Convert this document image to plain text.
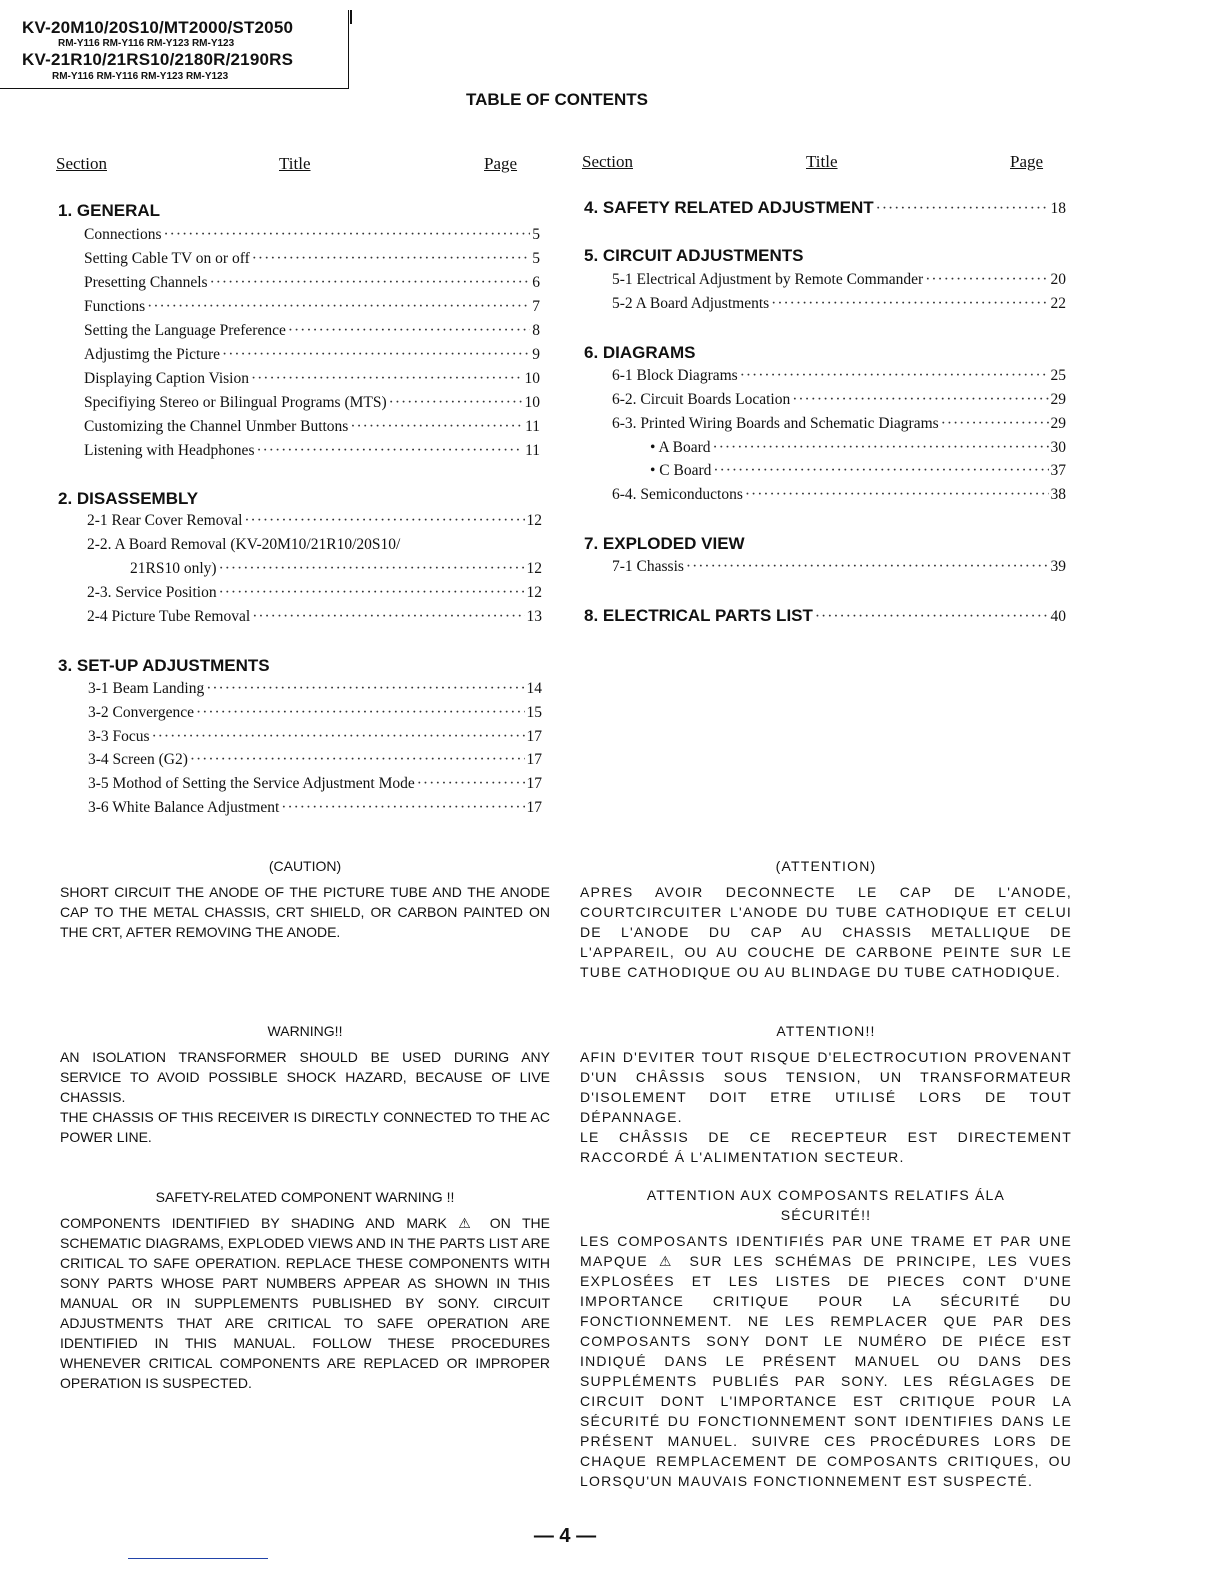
KV-20M10/20S10/MT2000/ST2050
RM-Y116 RM-Y116 RM-Y123 RM-Y123
KV-21R10/21RS10/2180R/2190RS
RM-Y116 RM-Y116 RM-Y123 RM-Y123
TABLE OF CONTENTS
Section	Title	Page
1. GENERAL
Connections ·····	5
Setting Cable TV on or off ·····	5
Presetting Channels ·····	6
Functions ·····	7
Setting the Language Preference ·····	8
Adjustimg the Picture ·····	9
Displaying Caption Vision ·····	10
Specifiying Stereo or Bilingual Programs (MTS) ·····	10
Customizing the Channel Unmber Buttons ·····	11
Listening with Headphones ·····	11
2. DISASSEMBLY
2-1 Rear Cover Removal ·····	12
2-2. A Board Removal (KV-20M10/21R10/20S10/
21RS10 only) ·····	12
2-3. Service Position ·····	12
2-4 Picture Tube Removal ·····	13
3. SET-UP ADJUSTMENTS
3-1 Beam Landing ·····	14
3-2 Convergence ·····	15
3-3 Focus ·····	17
3-4 Screen (G2) ·····	17
3-5 Mothod of Setting the Service Adjustment Mode ·····	17
3-6 White Balance Adjustment ·····	17
Section	Title	Page
4. SAFETY RELATED ADJUSTMENT ·····	18
5. CIRCUIT ADJUSTMENTS
5-1 Electrical Adjustment by Remote Commander ·····	20
5-2 A Board Adjustments ·····	22
6. DIAGRAMS
6-1 Block Diagrams ·····	25
6-2. Circuit Boards Location ·····	29
6-3. Printed Wiring Boards and Schematic Diagrams ·····	29
• A Board ·····	30
• C Board ·····	37
6-4. Semiconductons ·····	38
7. EXPLODED VIEW
7-1 Chassis ·····	39
8. ELECTRICAL PARTS LIST ·····	40
(CAUTION)

SHORT CIRCUIT THE ANODE OF THE PICTURE TUBE AND THE ANODE CAP TO THE METAL CHASSIS, CRT SHIELD, OR CARBON PAINTED ON THE CRT, AFTER REMOVING THE ANODE.

(ATTENTION)

APRES AVOIR DECONNECTE LE CAP DE L'ANODE, COURTCIRCUITER L'ANODE DU TUBE CATHODIQUE ET CELUI DE L'ANODE DU CAP AU CHASSIS METALLIQUE DE L'APPAREIL, OU AU COUCHE DE CARBONE PEINTE SUR LE TUBE CATHODIQUE OU AU BLINDAGE DU TUBE CATHODIQUE.

WARNING!!

AN ISOLATION TRANSFORMER SHOULD BE USED DURING ANY SERVICE TO AVOID POSSIBLE SHOCK HAZARD, BECAUSE OF LIVE CHASSIS.

THE CHASSIS OF THIS RECEIVER IS DIRECTLY CONNECTED TO THE AC POWER LINE.

ATTENTION!!

AFIN D'EVITER TOUT RISQUE D'ELECTROCUTION PROVENANT D'UN CHÂSSIS SOUS TENSION, UN TRANSFORMATEUR D'ISOLEMENT DOIT ETRE UTILISÉ LORS DE TOUT DÉPANNAGE.

LE CHÂSSIS DE CE RECEPTEUR EST DIRECTEMENT RACCORDÉ Á L'ALIMENTATION SECTEUR.

SAFETY-RELATED COMPONENT WARNING !!

COMPONENTS IDENTIFIED BY SHADING AND MARK ⚠ ON THE SCHEMATIC DIAGRAMS, EXPLODED VIEWS AND IN THE PARTS LIST ARE CRITICAL TO SAFE OPERATION. REPLACE THESE COMPONENTS WITH SONY PARTS WHOSE PART NUMBERS APPEAR AS SHOWN IN THIS MANUAL OR IN SUPPLEMENTS PUBLISHED BY SONY. CIRCUIT ADJUSTMENTS THAT ARE CRITICAL TO SAFE OPERATION ARE IDENTIFIED IN THIS MANUAL. FOLLOW THESE PROCEDURES WHENEVER CRITICAL COMPONENTS ARE REPLACED OR IMPROPER OPERATION IS SUSPECTED.

ATTENTION AUX COMPOSANTS RELATIFS ÁLA SÉCURITÉ!!

LES COMPOSANTS IDENTIFIÉS PAR UNE TRAME ET PAR UNE MAPQUE ⚠ SUR LES SCHÉMAS DE PRINCIPE, LES VUES EXPLOSÉES ET LES LISTES DE PIECES CONT D'UNE IMPORTANCE CRITIQUE POUR LA SÉCURITÉ DU FONCTIONNEMENT. NE LES REMPLACER QUE PAR DES COMPOSANTS SONY DONT LE NUMÉRO DE PIÉCE EST INDIQUÉ DANS LE PRÉSENT MANUEL OU DANS DES SUPPLÉMENTS PUBLIÉS PAR SONY. LES RÉGLAGES DE CIRCUIT DONT L'IMPORTANCE EST CRITIQUE POUR LA SÉCURITÉ DU FONCTIONNEMENT SONT IDENTIFIES DANS LE PRÉSENT MANUEL. SUIVRE CES PROCÉDURES LORS DE CHAQUE REMPLACEMENT DE COMPOSANTS CRITIQUES, OU LORSQU'UN MAUVAIS FONCTIONNEMENT EST SUSPECTÉ.

— 4 —
